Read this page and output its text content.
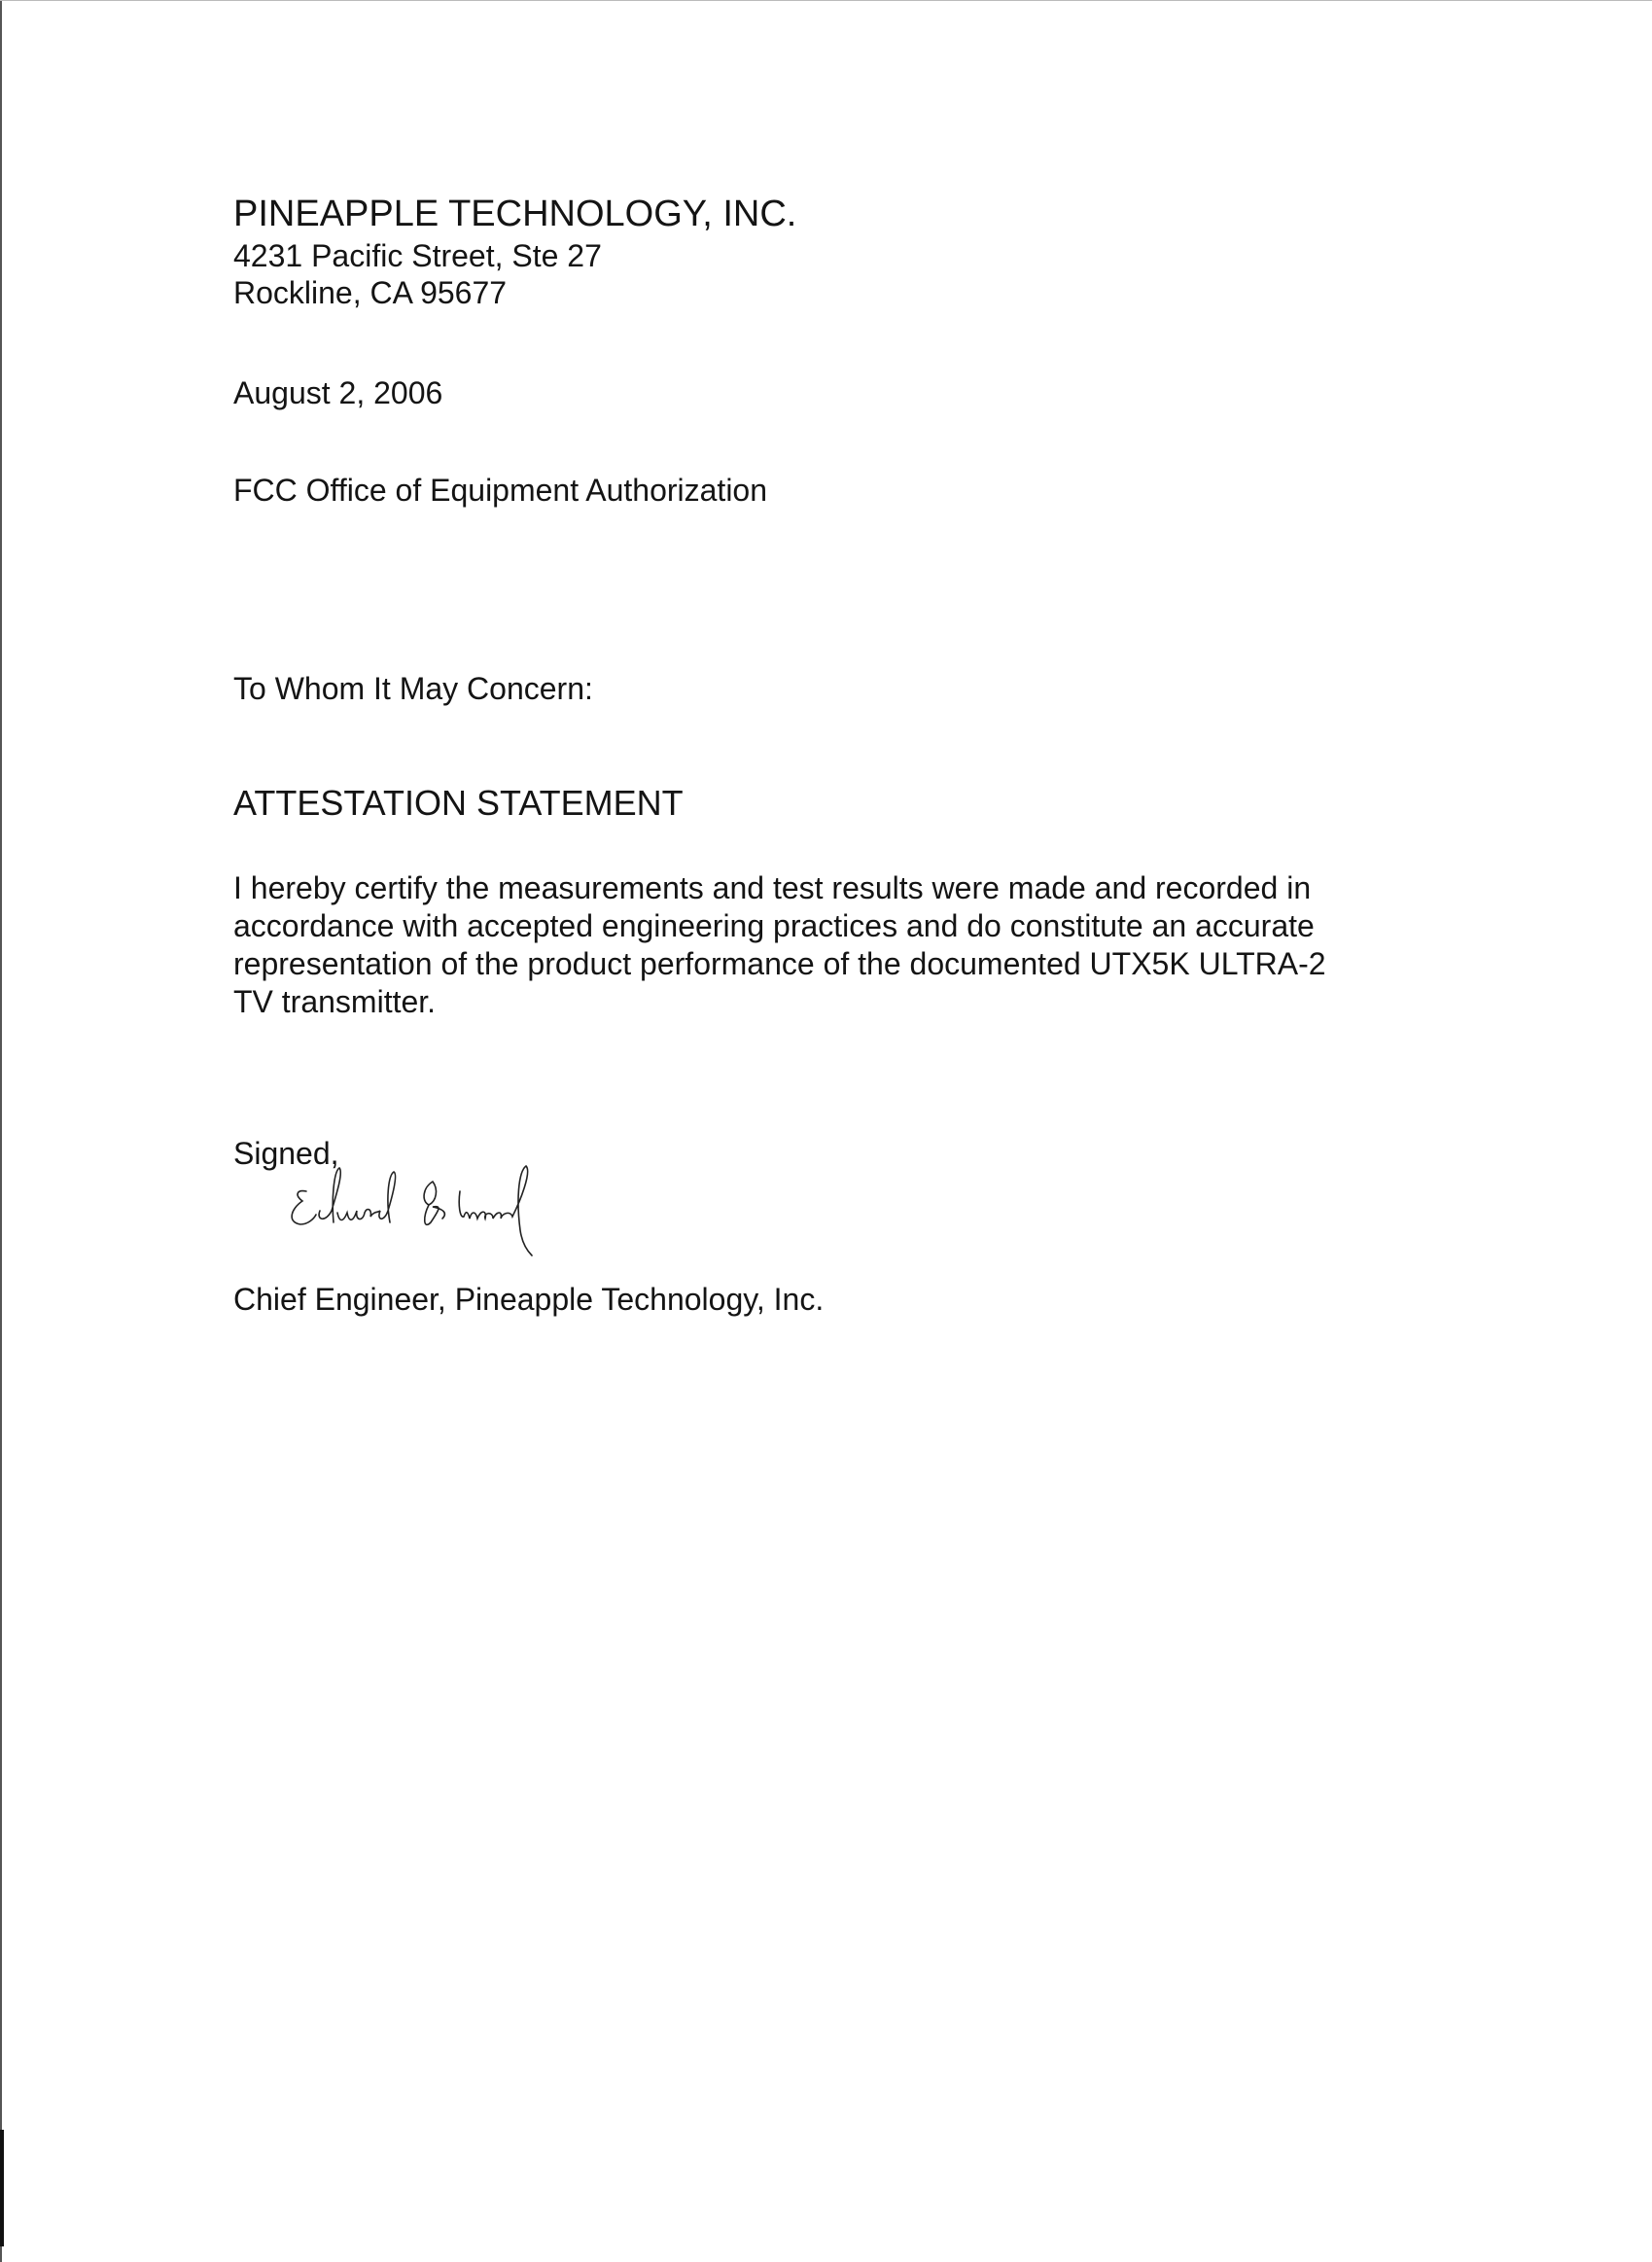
PINEAPPLE TECHNOLOGY, INC.

4231 Pacific Street, Ste 27

Rockline, CA 95677

August 2, 2006

FCC Office of Equipment Authorization

To Whom It May Concern:

ATTESTATION STATEMENT

I hereby certify the measurements and test results were made and recorded in
accordance with accepted engineering practices and do constitute an accurate
representation of the product performance of the documented UTX5K ULTRA-2
TV transmitter.

Signed,

Chief Engineer, Pineapple Technology, Inc.
